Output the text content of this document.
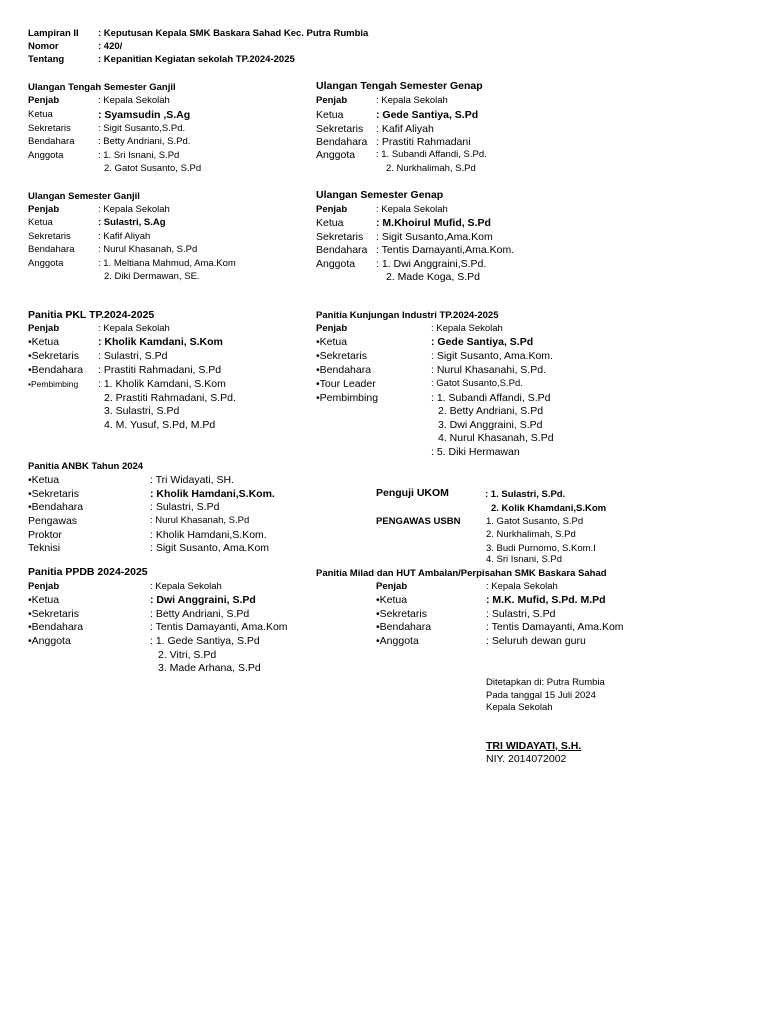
Lampiran II : Keputusan Kepala SMK Baskara Sahad Kec. Putra Rumbia
Nomor	: 420/
Tentang	: Kepanitian Kegiatan sekolah TP.2024-2025
Ulangan Tengah Semester Ganjil
Penjab	: Kepala Sekolah
Ketua	: Syamsudin ,S.Ag
Sekretaris	: Sigit Susanto,S.Pd.
Bendahara : Betty Andriani, S.Pd.
Anggota	: 1. Sri Isnani, S.Pd
2. Gatot Susanto, S.Pd
Ulangan Tengah Semester Genap
Penjab	: Kepala Sekolah
Ketua	: Gede Santiya, S.Pd
Sekretaris : Kafif Aliyah
Bendahara : Prastiti Rahmadani
Anggota : 1. Subandi Affandi, S.Pd.
2. Nurkhalimah, S.Pd
Ulangan Semester Ganjil
Penjab	: Kepala Sekolah
Ketua	: Sulastri, S.Ag
Sekretaris	: Kafif Aliyah
Bendahara : Nurul Khasanah, S.Pd
Anggota	: 1. Meltiana Mahmud, Ama.Kom
2. Diki Dermawan, SE.
Ulangan Semester Genap
Penjab	: Kepala Sekolah
Ketua	: M.Khoirul Mufid, S.Pd
Sekretaris : Sigit Susanto,Ama.Kom
Bendahara : Tentis Damayanti,Ama.Kom.
Anggota : 1. Dwi Anggraini,S.Pd.
2. Made Koga, S.Pd
Panitia PKL TP.2024-2025
Penjab	: Kepala Sekolah
•Ketua	: Kholik Kamdani, S.Kom
•Sekretaris : Sulastri, S.Pd
•Bendahara : Prastiti Rahmadani, S.Pd
•Pembimbing : 1. Kholik Kamdani, S.Kom
2. Prastiti Rahmadani, S.Pd.
3. Sulastri, S.Pd
4. M. Yusuf, S.Pd, M.Pd
Panitia Kunjungan Industri TP.2024-2025
Penjab	: Kepala Sekolah
•Ketua	: Gede Santiya, S.Pd
•Sekretaris	: Sigit Susanto, Ama.Kom.
•Bendahara	: Nurul Khasanahi, S.Pd.
•Tour Leader	: Gatot Susanto,S.Pd.
•Pembimbing	: 1. Subandi Affandi, S.Pd
2. Betty Andriani, S.Pd
3. Dwi Anggraini, S.Pd
4. Nurul Khasanah, S.Pd
: 5. Diki Hermawan
Panitia ANBK Tahun 2024
•Ketua	: Tri Widayati, SH.
•Sekretaris	: Kholik Hamdani,S.Kom.
•Bendahara	: Sulastri, S.Pd
Pengawas	: Nurul Khasanah, S.Pd
Proktor	: Kholik Hamdani,S.Kom.
Teknisi	: Sigit Susanto, Ama.Kom
Penguji UKOM	: 1. Sulastri, S.Pd.
2. Kolik Khamdani,S.Kom
PENGAWAS USBN	1. Gatot Susanto, S.Pd
2. Nurkhalimah, S.Pd
3. Budi Purnomo, S.Kom.I
4. Sri Isnani, S.Pd
Panitia PPDB 2024-2025
Penjab	: Kepala Sekolah
•Ketua	: Dwi Anggraini, S.Pd
•Sekretaris	: Betty Andriani, S.Pd
•Bendahara	: Tentis Damayanti, Ama.Kom
•Anggota	: 1. Gede Santiya, S.Pd
2. Vitri, S.Pd
3. Made Arhana, S.Pd
Panitia Milad dan HUT Ambalan/Perpisahan SMK Baskara Sahad
Penjab	: Kepala Sekolah
•Ketua	: M.K. Mufid, S.Pd. M.Pd
•Sekretaris	: Sulastri, S.Pd
•Bendahara	: Tentis Damayanti, Ama.Kom
•Anggota	: Seluruh dewan guru
Ditetapkan di: Putra Rumbia
Pada tanggal 15 Juli 2024
Kepala Sekolah
TRI WIDAYATI, S.H.
NIY. 2014072002
